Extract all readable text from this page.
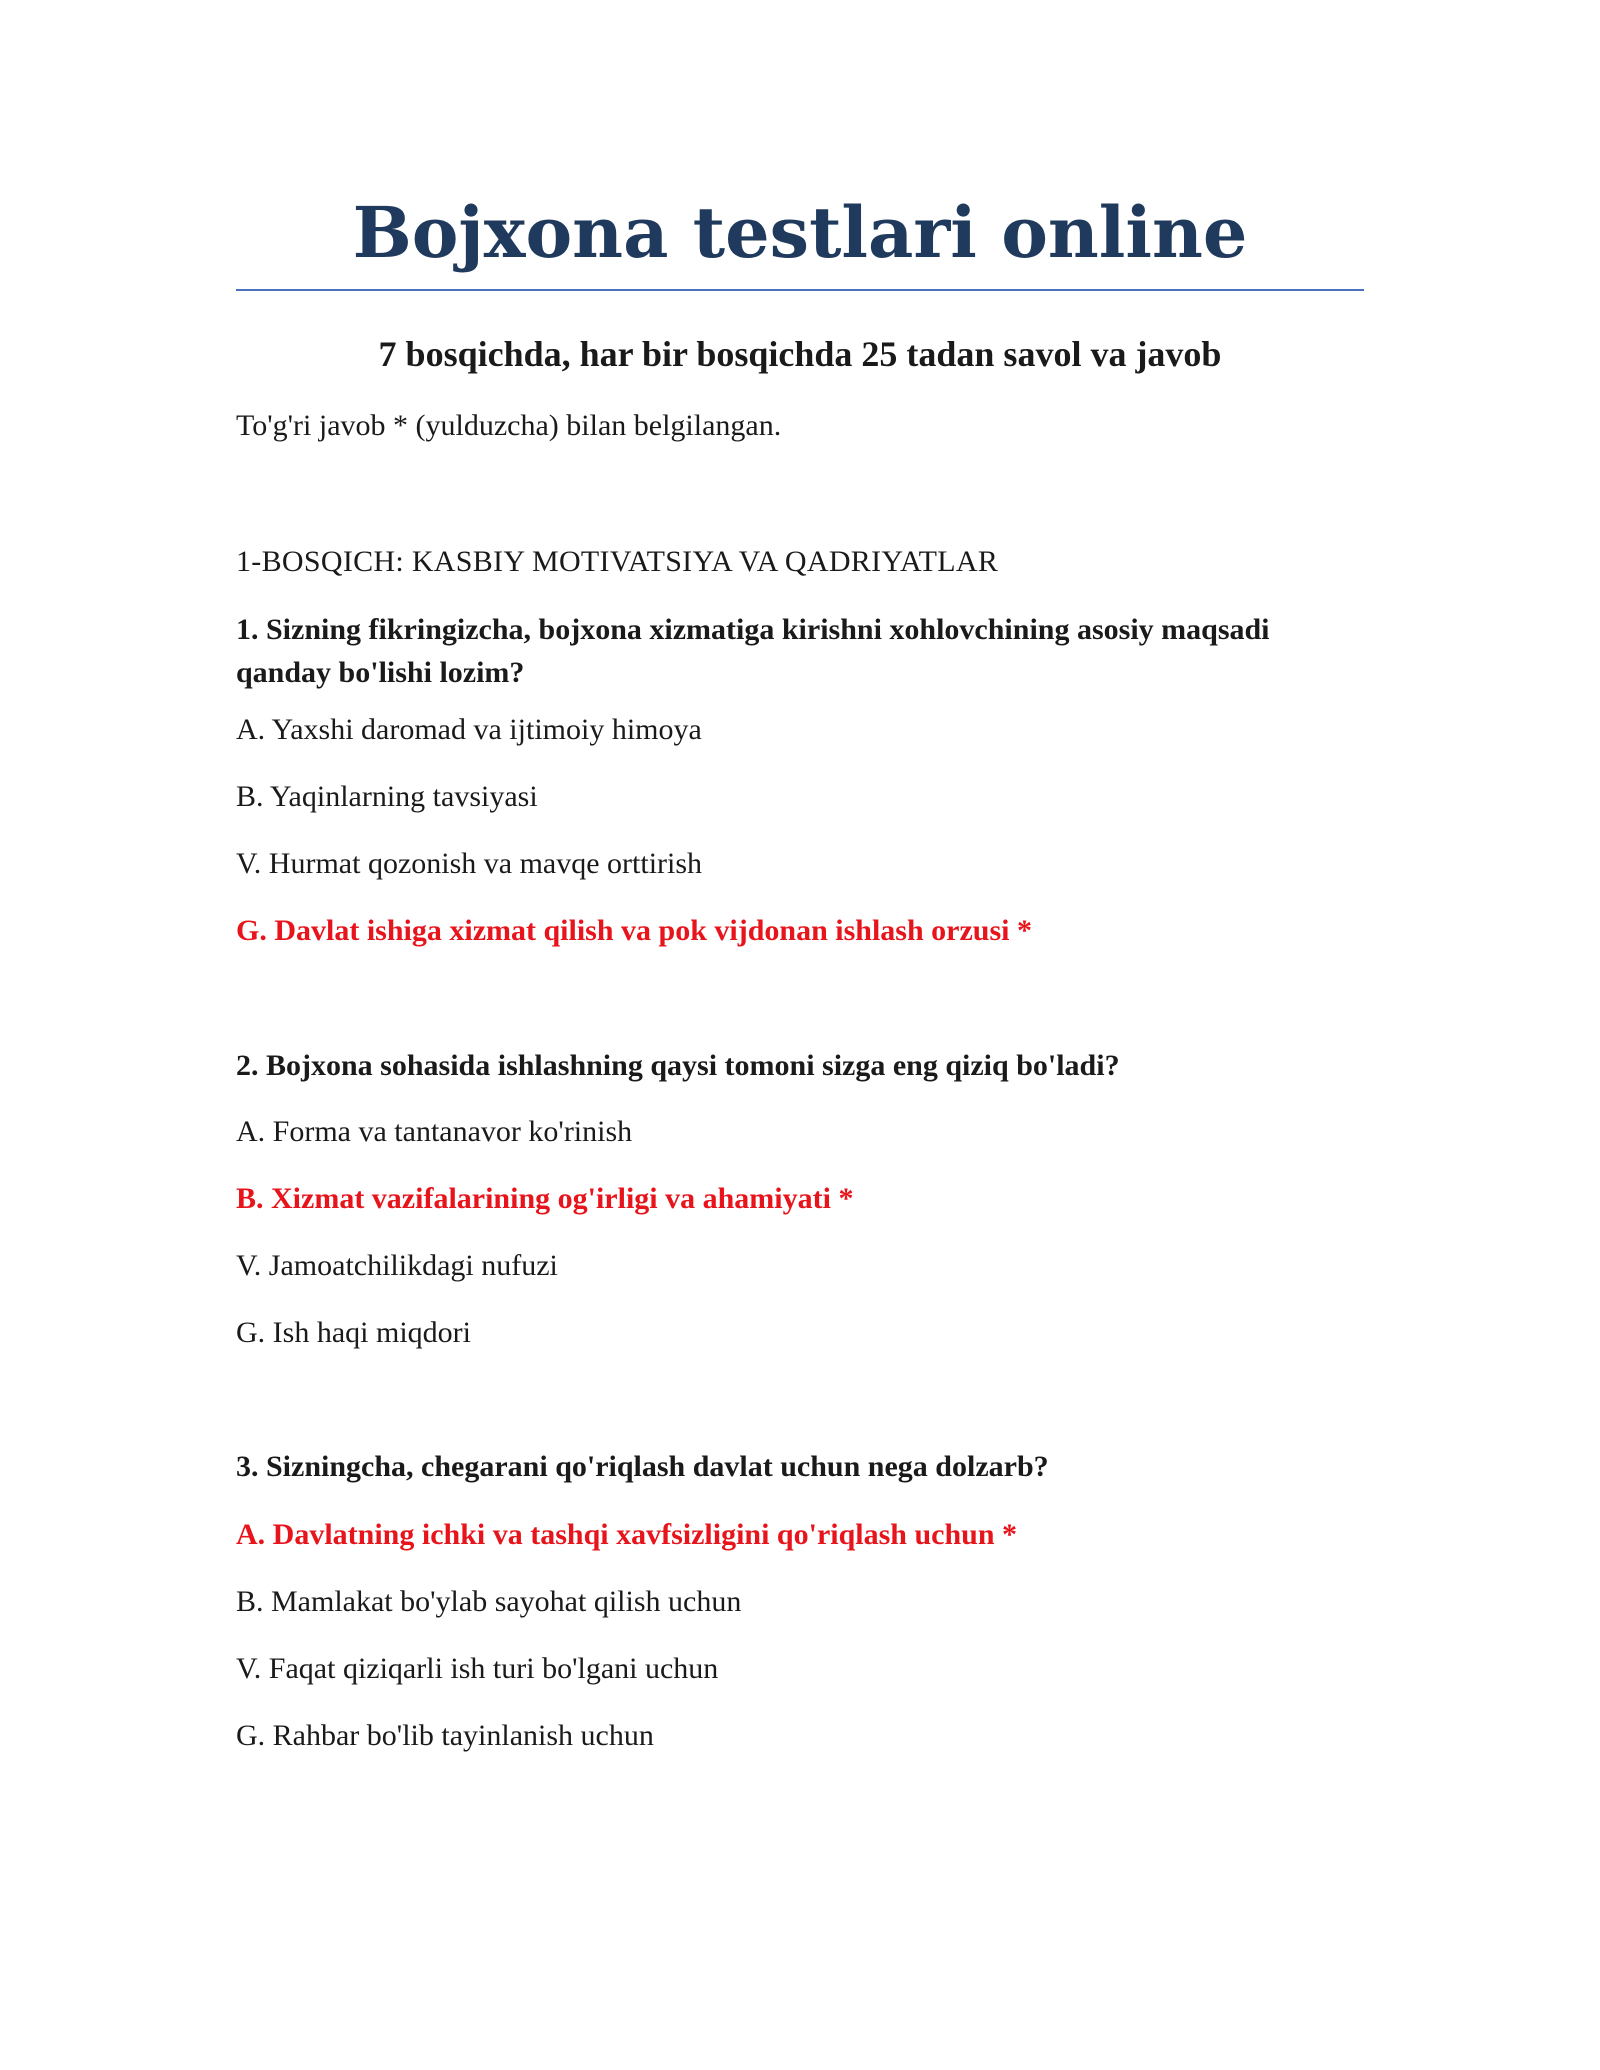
Bojxona testlari online
7 bosqichda, har bir bosqichda 25 tadan savol va javob

To'g'ri javob * (yulduzcha) bilan belgilangan.

1-BOSQICH: KASBIY MOTIVATSIYA VA QADRIYATLAR

1. Sizning fikringizcha, bojxona xizmatiga kirishni xohlovchining asosiy maqsadi qanday bo'lishi lozim?

A. Yaxshi daromad va ijtimoiy himoya

B. Yaqinlarning tavsiyasi

V. Hurmat qozonish va mavqe orttirish

G. Davlat ishiga xizmat qilish va pok vijdonan ishlash orzusi *

2. Bojxona sohasida ishlashning qaysi tomoni sizga eng qiziq bo'ladi?

A. Forma va tantanavor ko'rinish

B. Xizmat vazifalarining og'irligi va ahamiyati *

V. Jamoatchilikdagi nufuzi

G. Ish haqi miqdori

3. Sizningcha, chegarani qo'riqlash davlat uchun nega dolzarb?

A. Davlatning ichki va tashqi xavfsizligini qo'riqlash uchun *

B. Mamlakat bo'ylab sayohat qilish uchun

V. Faqat qiziqarli ish turi bo'lgani uchun

G. Rahbar bo'lib tayinlanish uchun
